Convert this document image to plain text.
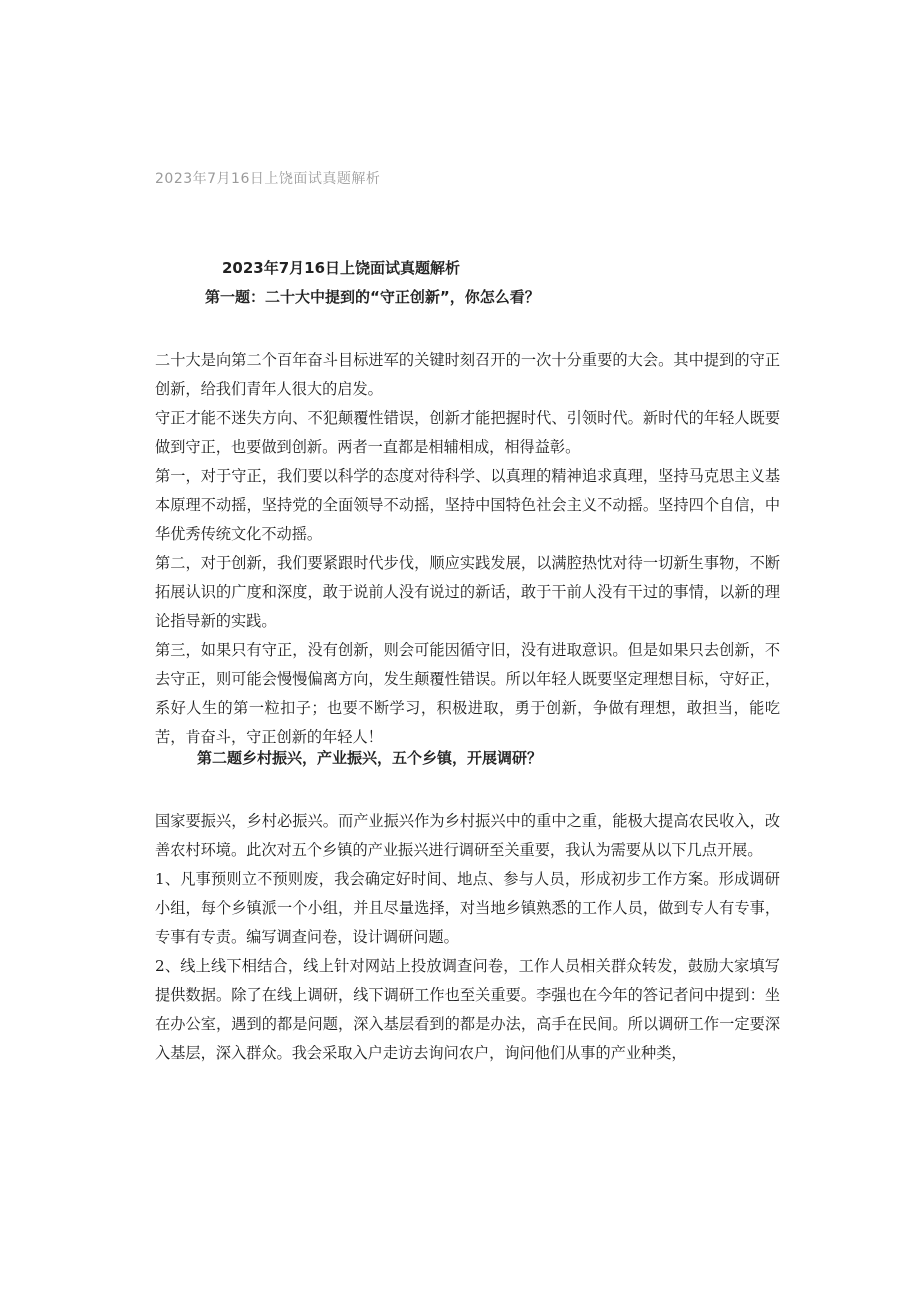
2023年7月16日上饶面试真题解析
2023年7月16日上饶面试真题解析
第一题：二十大中提到的“守正创新”，你怎么看？

二十大是向第二个百年奋斗目标进军的关键时刻召开的一次十分重要的大会。其中提到的守正创新，给我们青年人很大的启发。

守正才能不迷失方向、不犯颠覆性错误，创新才能把握时代、引领时代。新时代的年轻人既要做到守正，也要做到创新。两者一直都是相辅相成，相得益彰。

第一，对于守正，我们要以科学的态度对待科学、以真理的精神追求真理，坚持马克思主义基本原理不动摇，坚持党的全面领导不动摇，坚持中国特色社会主义不动摇。坚持四个自信，中华优秀传统文化不动摇。

第二，对于创新，我们要紧跟时代步伐，顺应实践发展，以满腔热忱对待一切新生事物，不断拓展认识的广度和深度，敢于说前人没有说过的新话，敢于干前人没有干过的事情，以新的理论指导新的实践。

第三，如果只有守正，没有创新，则会可能因循守旧，没有进取意识。但是如果只去创新，不去守正，则可能会慢慢偏离方向，发生颠覆性错误。所以年轻人既要坚定理想目标，守好正，系好人生的第一粒扣子；也要不断学习，积极进取，勇于创新，争做有理想，敢担当，能吃苦，肯奋斗，守正创新的年轻人！

第二题乡村振兴，产业振兴，五个乡镇，开展调研？

国家要振兴，乡村必振兴。而产业振兴作为乡村振兴中的重中之重，能极大提高农民收入，改善农村环境。此次对五个乡镇的产业振兴进行调研至关重要，我认为需要从以下几点开展。

1、凡事预则立不预则废，我会确定好时间、地点、参与人员，形成初步工作方案。形成调研小组，每个乡镇派一个小组，并且尽量选择，对当地乡镇熟悉的工作人员，做到专人有专事，专事有专责。编写调查问卷，设计调研问题。

2、线上线下相结合，线上针对网站上投放调查问卷，工作人员相关群众转发，鼓励大家填写提供数据。除了在线上调研，线下调研工作也至关重要。李强也在今年的答记者问中提到：坐在办公室，遇到的都是问题，深入基层看到的都是办法，高手在民间。所以调研工作一定要深入基层，深入群众。我会采取入户走访去询问农户，询问他们从事的产业种类，
